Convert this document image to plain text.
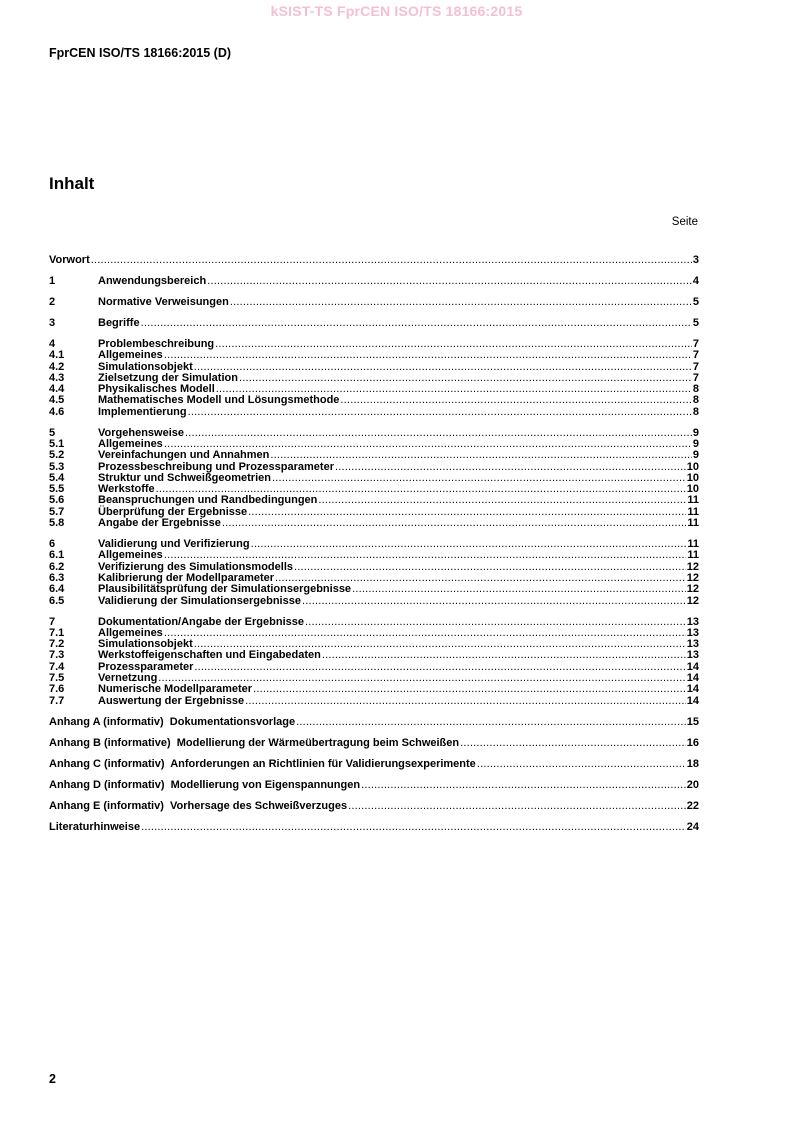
kSIST-TS FprCEN ISO/TS 18166:2015
FprCEN ISO/TS 18166:2015 (D)
Inhalt
Seite
Vorwort .....	3
1	Anwendungsbereich .....	4
2	Normative Verweisungen .....	5
3	Begriffe .....	5
4	Problembeschreibung .....	7
4.1	Allgemeines .....	7
4.2	Simulationsobjekt .....	7
4.3	Zielsetzung der Simulation .....	7
4.4	Physikalisches Modell .....	8
4.5	Mathematisches Modell und Lösungsmethode .....	8
4.6	Implementierung .....	8
5	Vorgehensweise .....	9
5.1	Allgemeines .....	9
5.2	Vereinfachungen und Annahmen .....	9
5.3	Prozessbeschreibung und Prozessparameter .....	10
5.4	Struktur und Schweißgeometrien .....	10
5.5	Werkstoffe .....	10
5.6	Beanspruchungen und Randbedingungen .....	11
5.7	Überprüfung der Ergebnisse .....	11
5.8	Angabe der Ergebnisse .....	11
6	Validierung und Verifizierung .....	11
6.1	Allgemeines .....	11
6.2	Verifizierung des Simulationsmodells .....	12
6.3	Kalibrierung der Modellparameter .....	12
6.4	Plausibilitätsprüfung der Simulationsergebnisse .....	12
6.5	Validierung der Simulationsergebnisse .....	12
7	Dokumentation/Angabe der Ergebnisse .....	13
7.1	Allgemeines .....	13
7.2	Simulationsobjekt .....	13
7.3	Werkstoffeigenschaften und Eingabedaten .....	13
7.4	Prozessparameter .....	14
7.5	Vernetzung .....	14
7.6	Numerische Modellparameter .....	14
7.7	Auswertung der Ergebnisse .....	14
Anhang A (informativ)  Dokumentationsvorlage .....	15
Anhang B (informative)  Modellierung der Wärmeübertragung beim Schweißen .....	16
Anhang C (informativ)  Anforderungen an Richtlinien für Validierungsexperimente .....	18
Anhang D (informativ)  Modellierung von Eigenspannungen .....	20
Anhang E (informativ)  Vorhersage des Schweißverzuges .....	22
Literaturhinweise .....	24
2
